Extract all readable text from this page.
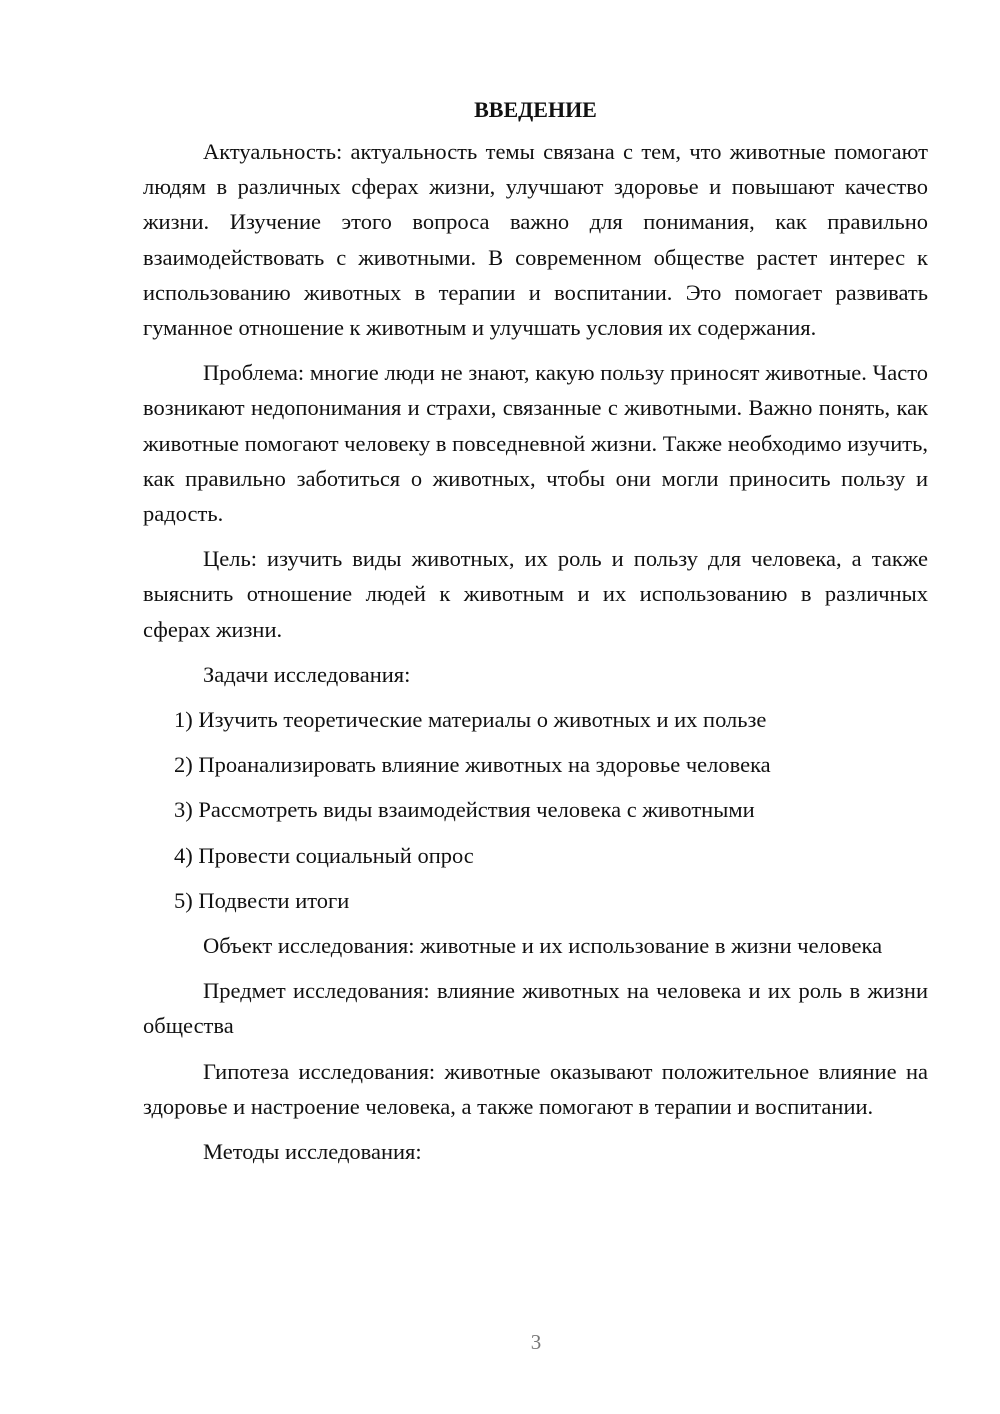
ВВЕДЕНИЕ

Актуальность: актуальность темы связана с тем, что животные помогают людям в различных сферах жизни, улучшают здоровье и повышают качество жизни. Изучение этого вопроса важно для понимания, как правильно взаимодействовать с животными. В современном обществе растет интерес к использованию животных в терапии и воспитании. Это помогает развивать гуманное отношение к животным и улучшать условия их содержания.

Проблема: многие люди не знают, какую пользу приносят животные. Часто возникают недопонимания и страхи, связанные с животными. Важно понять, как животные помогают человеку в повседневной жизни. Также необходимо изучить, как правильно заботиться о животных, чтобы они могли приносить пользу и радость.

Цель: изучить виды животных, их роль и пользу для человека, а также выяснить отношение людей к животным и их использованию в различных сферах жизни.

Задачи исследования:

1) Изучить теоретические материалы о животных и их пользе

2) Проанализировать влияние животных на здоровье человека

3) Рассмотреть виды взаимодействия человека с животными

4) Провести социальный опрос

5) Подвести итоги

Объект исследования: животные и их использование в жизни человека

Предмет исследования: влияние животных на человека и их роль в жизни общества

Гипотеза исследования: животные оказывают положительное влияние на здоровье и настроение человека, а также помогают в терапии и воспитании.

Методы исследования:

3
